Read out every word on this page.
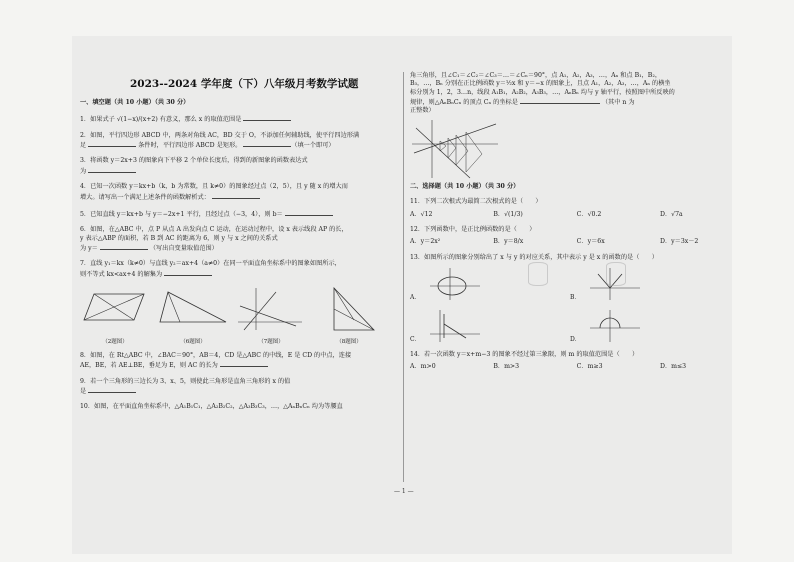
2023--2024 学年度（下）八年级月考数学试题
一、填空题（共 10 小题）（共 30 分）
1．如果式子 √(1−x)/(x+2) 有意义，那么 x 的取值范围是
2．如图，平行四边形 ABCD 中，两条对角线 AC，BD 交于 O，不添加任何辅助线，使平行四边形满
足	条件时，平行四边形 ABCD 是矩形。	（填一个即可）
3．将函数 y＝2x+3 的图象向下平移 2 个单位长度后，得到的新图象的函数表达式
为
4．已知一次函数 y＝kx+b（k，b 为常数，且 k≠0）的图象经过点（2，5），且 y 随 x 的增大而
增大。请写出一个满足上述条件的函数解析式：
5．已知直线 y＝kx+b 与 y＝−2x+1 平行，且经过点（−3，4），则 b＝
6．如图，在△ABC 中，点 P 从点 A 出发向点 C 运动，在运动过程中，设 x 表示线段 AP 的长，
y 表示△ABP 的面积，若 B 到 AC 的距离为 6，则 y 与 x 之间的关系式
为 y＝	（写出自变量取值范围）
7．直线 y₁＝kx（k≠0）与直线 y₂＝ax+4（a≠0）在同一平面直角坐标系中的图象如图所示，
则不等式 kx<ax+4 的解集为
（2题图）	（6题图）	（7题图）	（8题图）
8．如图，在 Rt△ABC 中，∠BAC＝90°，AB＝4，CD 是△ABC 的中线，E 是 CD 的中点，连接
AE，BE，若 AE⊥BE，垂足为 E，则 AC 的长为
9．若一个三角形的三边长为 3、x、5，则使此三角形是直角三角形的 x 的值
是
10．如图，在平面直角坐标系中，△A₁B₁C₁，△A₂B₂C₂，△A₃B₃C₃，…，△AₙBₙCₙ 均为等腰直
角三角形，且∠C₁＝∠C₂＝∠C₃＝…＝∠Cₙ＝90°，点 A₁，A₂，A₃，…，Aₙ 和点 B₁，B₂，
B₃，…，Bₙ 分别在正比例函数 y＝½x 和 y＝−x 的图象上，且点 A₁，A₂，A₃，…，Aₙ 的横坐
标分别为 1，2，3…n，线段 A₁B₁，A₂B₂，A₃B₃，…，AₙBₙ 均与 y 轴平行，按照图中所反映的
规律，则△AₙBₙCₙ 的顶点 Cₙ 的坐标是	（其中 n 为
正整数）
二、选择题（共 10 小题）（共 30 分）
11．下列二次根式为最简二次根式的是（　　）
A．√12	B．√(1/3)	C．√0.2	D．√7a
12．下列函数中，是正比例函数的是（　　）
A．y＝2x²	B．y＝8/x	C．y＝6x	D．y＝3x－2
13．如图所示的图象分别给出了 x 与 y 的对应关系，其中表示 y 是 x 的函数的是（　　）
A．	B．
C．	D．
14．若一次函数 y＝x+m−3 的图象不经过第三象限，则 m 的取值范围是（　　）
A．m>0	B．m>3	C．m≥3	D．m≤3
— 1 —
